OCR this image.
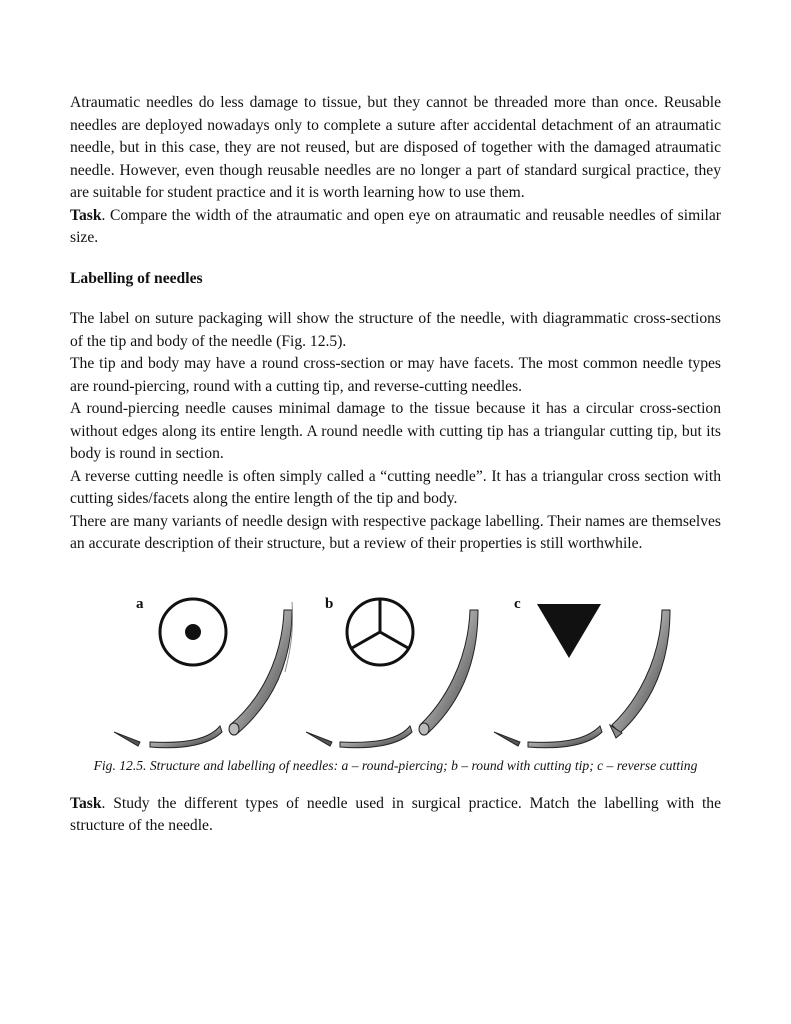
Atraumatic needles do less damage to tissue, but they cannot be threaded more than once. Reusable needles are deployed nowadays only to complete a suture after accidental detachment of an atraumatic needle, but in this case, they are not reused, but are disposed of together with the damaged atraumatic needle. However, even though reusable needles are no longer a part of standard surgical practice, they are suitable for student practice and it is worth learning how to use them.

Task. Compare the width of the atraumatic and open eye on atraumatic and reusable needles of similar size.

Labelling of needles

The label on suture packaging will show the structure of the needle, with diagrammatic cross-sections of the tip and body of the needle (Fig. 12.5).

The tip and body may have a round cross-section or may have facets. The most common needle types are round-piercing, round with a cutting tip, and reverse-cutting needles.

A round-piercing needle causes minimal damage to the tissue because it has a circular cross-section without edges along its entire length. A round needle with cutting tip has a triangular cutting tip, but its body is round in section.

A reverse cutting needle is often simply called a “cutting needle”. It has a triangular cross section with cutting sides/facets along the entire length of the tip and body.

There are many variants of needle design with respective package labelling. Their names are themselves an accurate description of their structure, but a review of their properties is still worthwhile.

a	b	c
Fig. 12.5. Structure and labelling of needles: a – round-piercing; b – round with cutting tip; c – reverse cutting

Task. Study the different types of needle used in surgical practice. Match the labelling with the structure of the needle.
